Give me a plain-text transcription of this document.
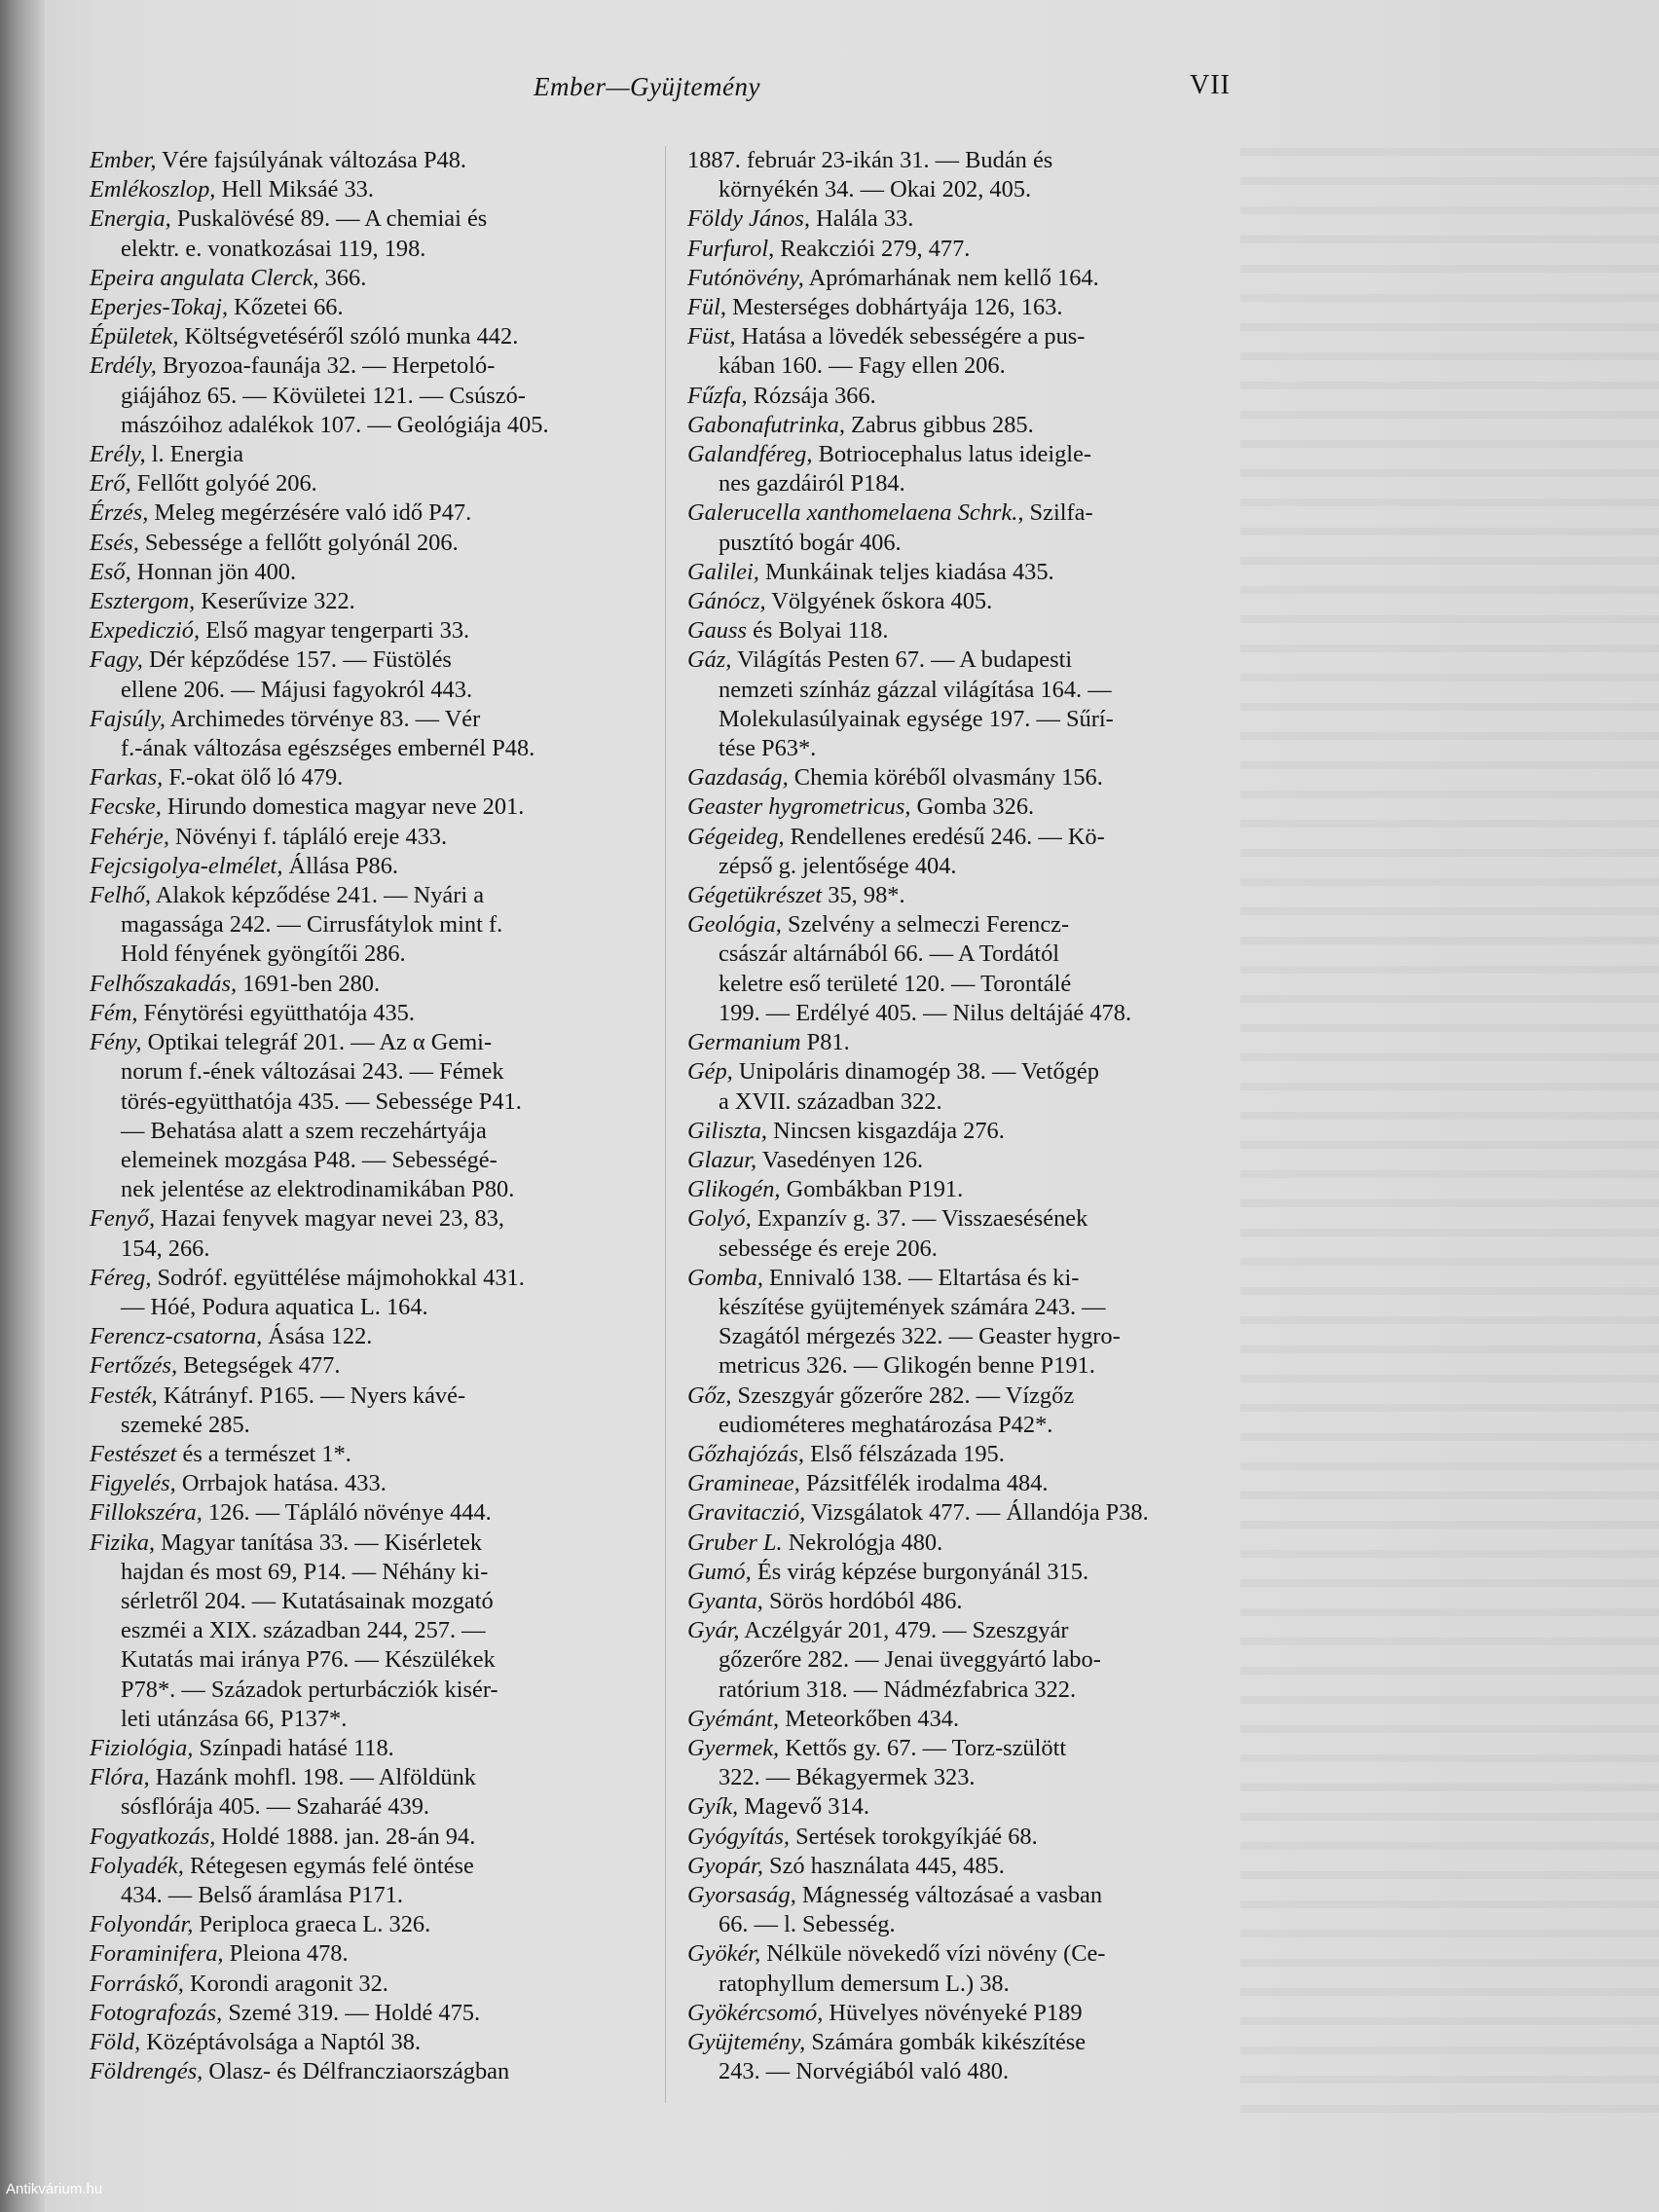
Ember—Gyüjtemény	VII
Ember, Vére fajsúlyának változása P48.
Emlékoszlop, Hell Miksáé 33.
Energia, Puskalövésé 89. — A chemiai és
elektr. e. vonatkozásai 119, 198.
Epeira angulata Clerck, 366.
Eperjes-Tokaj, Kőzetei 66.
Épületek, Költségvetéséről szóló munka 442.
Erdély, Bryozoa-faunája 32. — Herpetoló-
giájához 65. — Kövületei 121. — Csúszó-
mászóihoz adalékok 107. — Geológiája 405.
Erély, l. Energia
Erő, Fellőtt golyóé 206.
Érzés, Meleg megérzésére való idő P47.
Esés, Sebessége a fellőtt golyónál 206.
Eső, Honnan jön 400.
Esztergom, Keserűvize 322.
Expediczió, Első magyar tengerparti 33.
Fagy, Dér képződése 157. — Füstölés
ellene 206. — Májusi fagyokról 443.
Fajsúly, Archimedes törvénye 83. — Vér
f.-ának változása egészséges embernél P48.
Farkas, F.-okat ölő ló 479.
Fecske, Hirundo domestica magyar neve 201.
Fehérje, Növényi f. tápláló ereje 433.
Fejcsigolya-elmélet, Állása P86.
Felhő, Alakok képződése 241. — Nyári a
magassága 242. — Cirrusfátylok mint f.
Hold fényének gyöngítői 286.
Felhőszakadás, 1691-ben 280.
Fém, Fénytörési együtthatója 435.
Fény, Optikai telegráf 201. — Az α Gemi-
norum f.-ének változásai 243. — Fémek
törés-együtthatója 435. — Sebessége P41.
— Behatása alatt a szem reczehártyája
elemeinek mozgása P48. — Sebességé-
nek jelentése az elektrodinamikában P80.
Fenyő, Hazai fenyvek magyar nevei 23, 83,
154, 266.
Féreg, Sodróf. együttélése májmohokkal 431.
— Hóé, Podura aquatica L. 164.
Ferencz-csatorna, Ásása 122.
Fertőzés, Betegségek 477.
Festék, Kátrányf. P165. — Nyers kávé-
szemeké 285.
Festészet és a természet 1*.
Figyelés, Orrbajok hatása. 433.
Fillokszéra, 126. — Tápláló növénye 444.
Fizika, Magyar tanítása 33. — Kisérletek
hajdan és most 69, P14. — Néhány ki-
sérletről 204. — Kutatásainak mozgató
eszméi a XIX. században 244, 257. —
Kutatás mai iránya P76. — Készülékek
P78*. — Századok perturbácziók kisér-
leti utánzása 66, P137*.
Fiziológia, Színpadi hatásé 118.
Flóra, Hazánk mohfl. 198. — Alföldünk
sósflórája 405. — Szaharáé 439.
Fogyatkozás, Holdé 1888. jan. 28-án 94.
Folyadék, Rétegesen egymás felé öntése
434. — Belső áramlása P171.
Folyondár, Periploca graeca L. 326.
Foraminifera, Pleiona 478.
Forráskő, Korondi aragonit 32.
Fotografozás, Szemé 319. — Holdé 475.
Föld, Középtávolsága a Naptól 38.
Földrengés, Olasz- és Délfrancziaországban
1887. február 23-ikán 31. — Budán és
környékén 34. — Okai 202, 405.
Földy János, Halála 33.
Furfurol, Reakcziói 279, 477.
Futónövény, Aprómarhának nem kellő 164.
Fül, Mesterséges dobhártyája 126, 163.
Füst, Hatása a lövedék sebességére a pus-
kában 160. — Fagy ellen 206.
Fűzfa, Rózsája 366.
Gabonafutrinka, Zabrus gibbus 285.
Galandféreg, Botriocephalus latus ideigle-
nes gazdáiról P184.
Galerucella xanthomelaena Schrk., Szilfa-
pusztító bogár 406.
Galilei, Munkáinak teljes kiadása 435.
Gánócz, Völgyének őskora 405.
Gauss és Bolyai 118.
Gáz, Világítás Pesten 67. — A budapesti
nemzeti színház gázzal világítása 164. —
Molekulasúlyainak egysége 197. — Sűrí-
tése P63*.
Gazdaság, Chemia köréből olvasmány 156.
Geaster hygrometricus, Gomba 326.
Gégeideg, Rendellenes eredésű 246. — Kö-
zépső g. jelentősége 404.
Gégetükrészet 35, 98*.
Geológia, Szelvény a selmeczi Ferencz-
császár altárnából 66. — A Tordától
keletre eső területé 120. — Torontálé
199. — Erdélyé 405. — Nilus deltájáé 478.
Germanium P81.
Gép, Unipoláris dinamogép 38. — Vetőgép
a XVII. században 322.
Giliszta, Nincsen kisgazdája 276.
Glazur, Vasedényen 126.
Glikogén, Gombákban P191.
Golyó, Expanzív g. 37. — Visszaesésének
sebessége és ereje 206.
Gomba, Ennivaló 138. — Eltartása és ki-
készítése gyüjtemények számára 243. —
Szagától mérgezés 322. — Geaster hygro-
metricus 326. — Glikogén benne P191.
Gőz, Szeszgyár gőzerőre 282. — Vízgőz
eudiométeres meghatározása P42*.
Gőzhajózás, Első félszázada 195.
Gramineae, Pázsitfélék irodalma 484.
Gravitaczió, Vizsgálatok 477. — Állandója P38.
Gruber L. Nekrológja 480.
Gumó, És virág képzése burgonyánál 315.
Gyanta, Sörös hordóból 486.
Gyár, Aczélgyár 201, 479. — Szeszgyár
gőzerőre 282. — Jenai üveggyártó labo-
ratórium 318. — Nádmézfabrica 322.
Gyémánt, Meteorkőben 434.
Gyermek, Kettős gy. 67. — Torz-szülött
322. — Békagyermek 323.
Gyík, Magevő 314.
Gyógyítás, Sertések torokgyíkjáé 68.
Gyopár, Szó használata 445, 485.
Gyorsaság, Mágnesség változásaé a vasban
66. — l. Sebesség.
Gyökér, Nélküle növekedő vízi növény (Ce-
ratophyllum demersum L.) 38.
Gyökércsomó, Hüvelyes növényeké P189
Gyüjtemény, Számára gombák kikészítése
243. — Norvégiából való 480.
Antikvárium.hu
